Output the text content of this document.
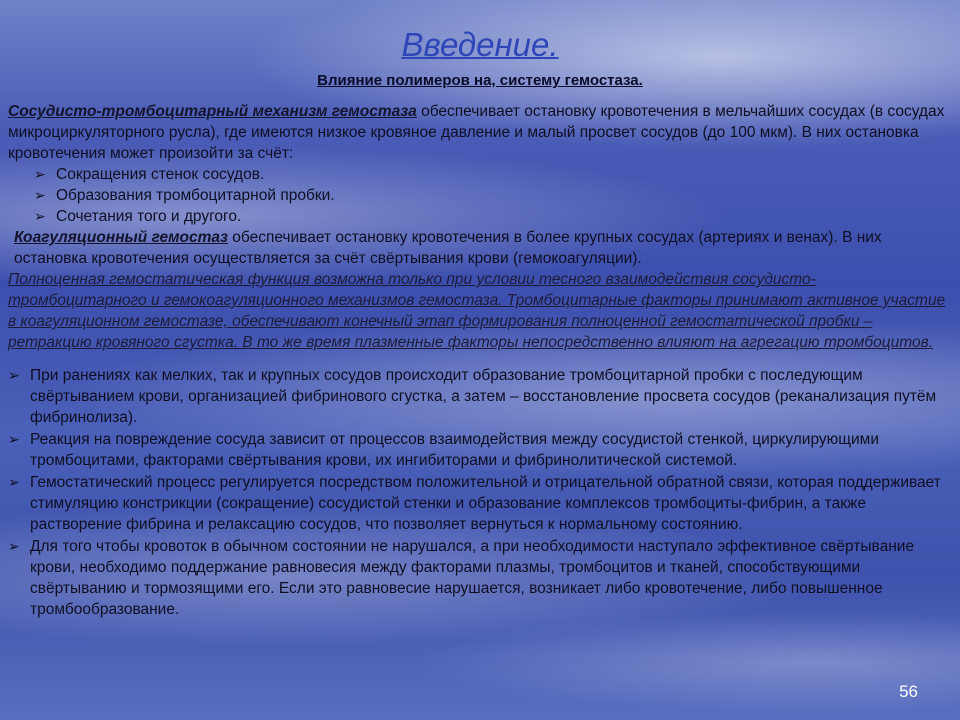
Введение.
Влияние полимеров на, систему гемостаза.
Сосудисто-тромбоцитарный механизм гемостаза обеспечивает остановку кровотечения в мельчайших сосудах (в сосудах микроциркуляторного русла), где имеются низкое кровяное давление и малый просвет сосудов (до 100 мкм). В них остановка кровотечения может произойти за счёт:
➢ Сокращения стенок сосудов.
➢ Образования тромбоцитарной пробки.
➢ Сочетания того и другого.
Коагуляционный гемостаз обеспечивает остановку кровотечения в более крупных сосудах (артериях и венах). В них остановка кровотечения осуществляется за счёт свёртывания крови (гемокоагуляции).
Полноценная гемостатическая функция возможна только при условии тесного взаимодействия сосудисто-тромбоцитарного и гемокоагуляционного механизмов гемостаза. Тромбоцитарные факторы принимают активное участие в коагуляционном гемостазе, обеспечивают конечный этап формирования полноценной гемостатической пробки – ретракцию кровяного сгустка. В то же время плазменные факторы непосредственно влияют на агрегацию тромбоцитов.
➢ При ранениях как мелких, так и крупных сосудов происходит образование тромбоцитарной пробки с последующим свёртыванием крови, организацией фибринового сгустка, а затем – восстановление просвета сосудов (реканализация путём фибринолиза).
➢ Реакция на повреждение сосуда зависит от процессов взаимодействия между сосудистой стенкой, циркулирующими тромбоцитами, факторами свёртывания крови, их ингибиторами и фибринолитической системой.
➢ Гемостатический процесс регулируется посредством положительной и отрицательной обратной связи, которая поддерживает стимуляцию констрикции (сокращение) сосудистой стенки и образование комплексов тромбоциты-фибрин, а также растворение фибрина и релаксацию сосудов, что позволяет вернуться к нормальному состоянию.
➢ Для того чтобы кровоток в обычном состоянии не нарушался, а при необходимости наступало эффективное свёртывание крови, необходимо поддержание равновесия между факторами плазмы, тромбоцитов и тканей, способствующими свёртыванию и тормозящими его. Если это равновесие нарушается, возникает либо кровотечение, либо повышенное тромбообразование.
56
